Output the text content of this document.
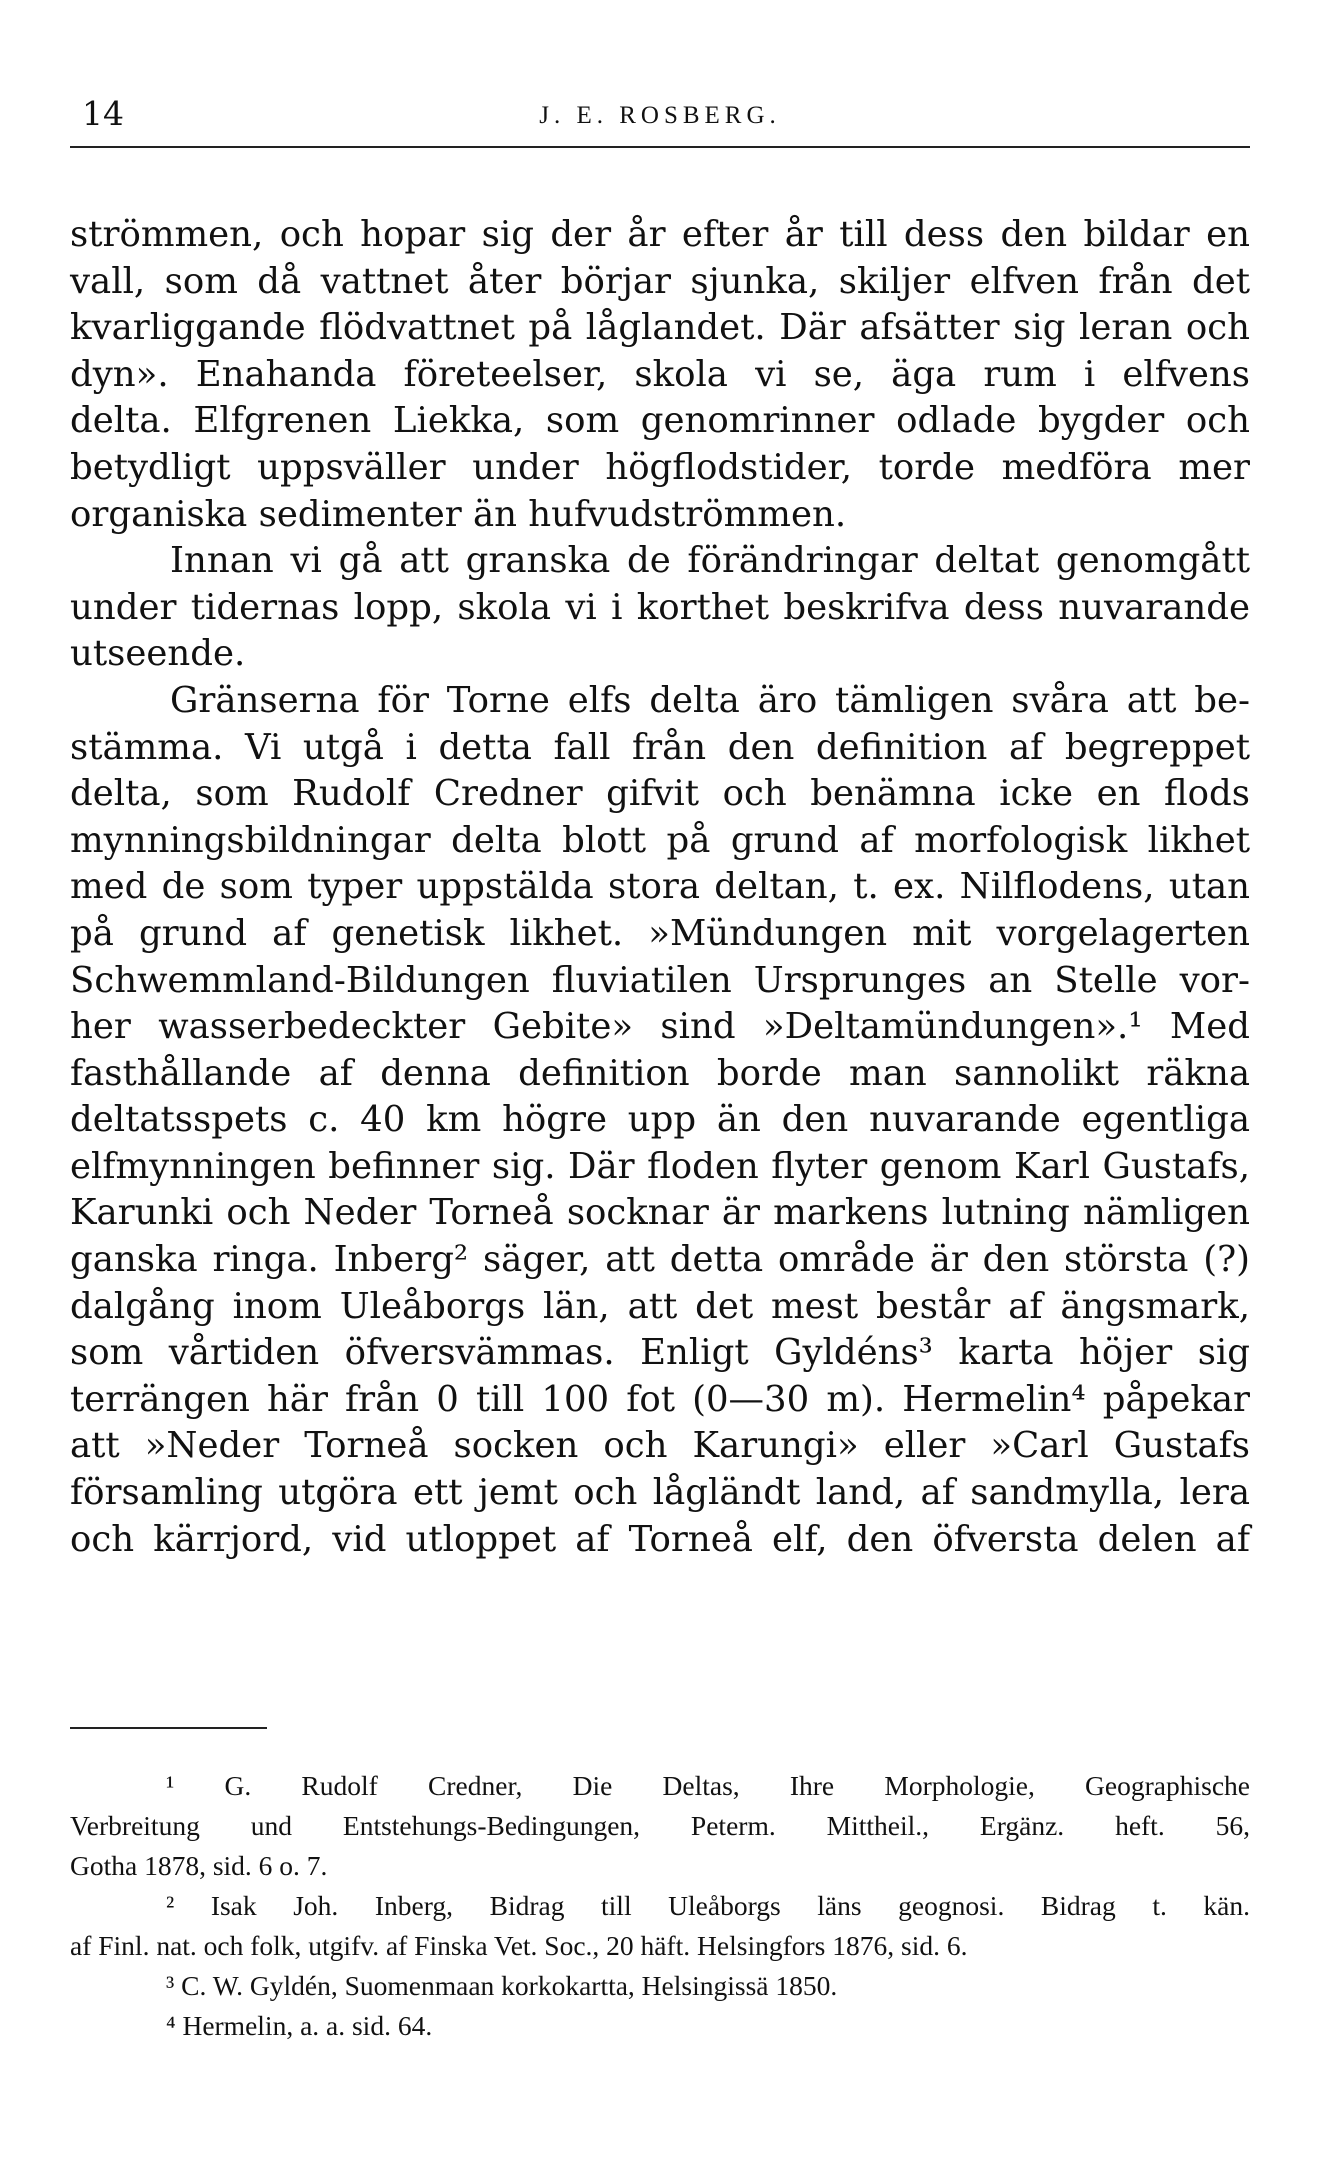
14	J. E. ROSBERG.
strömmen, och hopar sig der år efter år till dess den bildar en
vall, som då vattnet åter börjar sjunka, skiljer elfven från det
kvarliggande flödvattnet på låglandet. Där afsätter sig leran och
dyn». Enahanda företeelser, skola vi se, äga rum i elfvens
delta. Elfgrenen Liekka, som genomrinner odlade bygder och
betydligt uppsväller under högflodstider, torde medföra mer
organiska sedimenter än hufvudströmmen.
Innan vi gå att granska de förändringar deltat genomgått
under tidernas lopp, skola vi i korthet beskrifva dess nuvarande
utseende.
Gränserna för Torne elfs delta äro tämligen svåra att be-
stämma. Vi utgå i detta fall från den definition af begreppet
delta, som Rudolf Credner gifvit och benämna icke en flods
mynningsbildningar delta blott på grund af morfologisk likhet
med de som typer uppstälda stora deltan, t. ex. Nilflodens, utan
på grund af genetisk likhet. »Mündungen mit vorgelagerten
Schwemmland-Bildungen fluviatilen Ursprunges an Stelle vor-
her wasserbedeckter Gebite» sind »Deltamündungen».¹ Med
fasthållande af denna definition borde man sannolikt räkna
deltatsspets c. 40 km högre upp än den nuvarande egentliga
elfmynningen befinner sig. Där floden flyter genom Karl Gustafs,
Karunki och Neder Torneå socknar är markens lutning nämligen
ganska ringa. Inberg² säger, att detta område är den största (?)
dalgång inom Uleåborgs län, att det mest består af ängsmark,
som vårtiden öfversvämmas. Enligt Gyldéns³ karta höjer sig
terrängen här från 0 till 100 fot (0—30 m). Hermelin⁴ påpekar
att »Neder Torneå socken och Karungi» eller »Carl Gustafs
församling utgöra ett jemt och lågländt land, af sandmylla, lera
och kärrjord, vid utloppet af Torneå elf, den öfversta delen af
¹ G. Rudolf Credner, Die Deltas, Ihre Morphologie, Geographische
Verbreitung und Entstehungs-Bedingungen, Peterm. Mittheil., Ergänz. heft. 56,
Gotha 1878, sid. 6 o. 7.
² Isak Joh. Inberg, Bidrag till Uleåborgs läns geognosi. Bidrag t. kän.
af Finl. nat. och folk, utgifv. af Finska Vet. Soc., 20 häft. Helsingfors 1876, sid. 6.
³ C. W. Gyldén, Suomenmaan korkokartta, Helsingissä 1850.
⁴ Hermelin, a. a. sid. 64.
